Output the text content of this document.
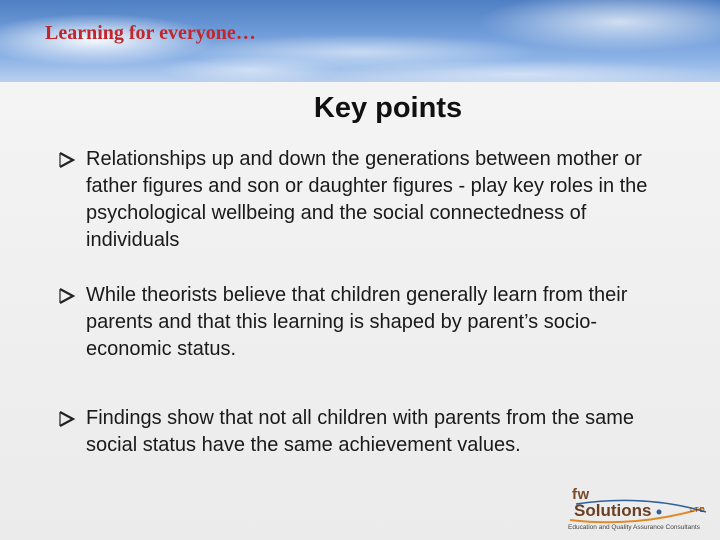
Learning for everyone…
Key points
Relationships up and down the generations between mother or father figures and son or daughter figures - play key roles in the psychological wellbeing and the social connectedness of individuals
While theorists believe that children generally learn from their parents and that this learning is shaped by parent’s socio-economic status.
Findings show that not all children with parents from the same social status have the same achievement values.
fw
Solutions	LTD
Education and Quality Assurance Consultants
